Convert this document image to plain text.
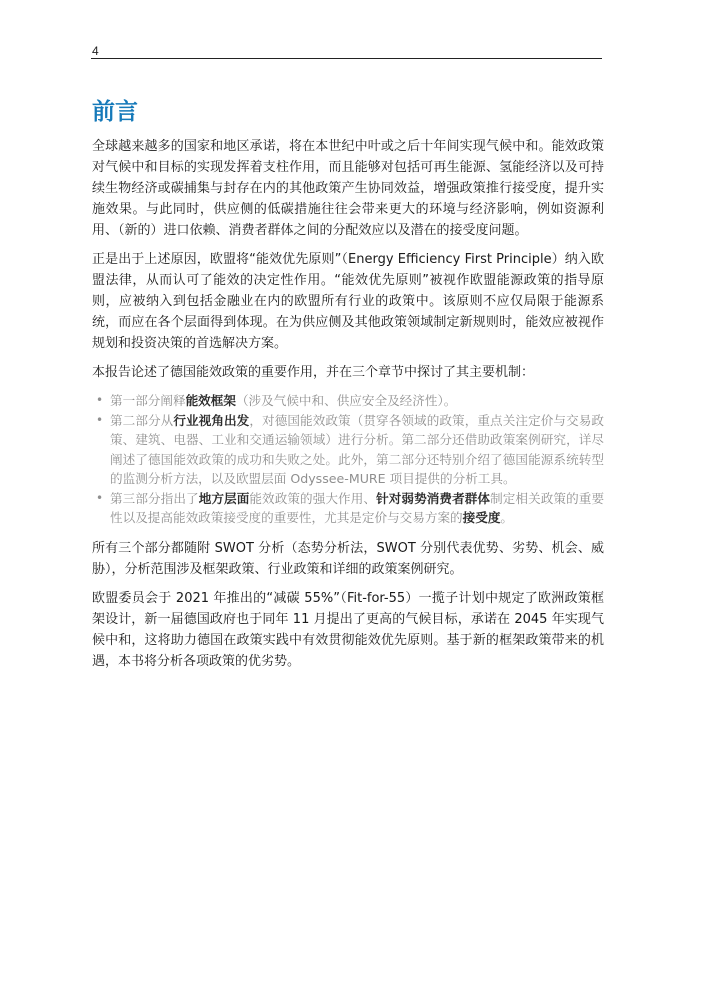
4
前言

全球越来越多的国家和地区承诺，将在本世纪中叶或之后十年间实现气候中和。能效政策对气候中和目标的实现发挥着支柱作用，而且能够对包括可再生能源、氢能经济以及可持续生物经济或碳捕集与封存在内的其他政策产生协同效益，增强政策推行接受度，提升实施效果。与此同时，供应侧的低碳措施往往会带来更大的环境与经济影响，例如资源利用、（新的）进口依赖、消费者群体之间的分配效应以及潜在的接受度问题。

正是出于上述原因，欧盟将“能效优先原则”（Energy Efficiency First Principle）纳入欧盟法律，从而认可了能效的决定性作用。“能效优先原则”被视作欧盟能源政策的指导原则，应被纳入到包括金融业在内的欧盟所有行业的政策中。该原则不应仅局限于能源系统，而应在各个层面得到体现。在为供应侧及其他政策领域制定新规则时，能效应被视作规划和投资决策的首选解决方案。

本报告论述了德国能效政策的重要作用，并在三个章节中探讨了其主要机制：

• 第一部分阐释能效框架（涉及气候中和、供应安全及经济性）。
• 第二部分从行业视角出发，对德国能效政策（贯穿各领域的政策，重点关注定价与交易政策、建筑、电器、工业和交通运输领域）进行分析。第二部分还借助政策案例研究，详尽阐述了德国能效政策的成功和失败之处。此外，第二部分还特别介绍了德国能源系统转型的监测分析方法，以及欧盟层面 Odyssee-MURE 项目提供的分析工具。
• 第三部分指出了地方层面能效政策的强大作用、针对弱势消费者群体制定相关政策的重要性以及提高能效政策接受度的重要性，尤其是定价与交易方案的接受度。

所有三个部分都随附 SWOT 分析（态势分析法，SWOT 分别代表优势、劣势、机会、威胁），分析范围涉及框架政策、行业政策和详细的政策案例研究。

欧盟委员会于 2021 年推出的“减碳 55%”（Fit-for-55）一揽子计划中规定了欧洲政策框架设计，新一届德国政府也于同年 11 月提出了更高的气候目标，承诺在 2045 年实现气候中和，这将助力德国在政策实践中有效贯彻能效优先原则。基于新的框架政策带来的机遇，本书将分析各项政策的优劣势。
